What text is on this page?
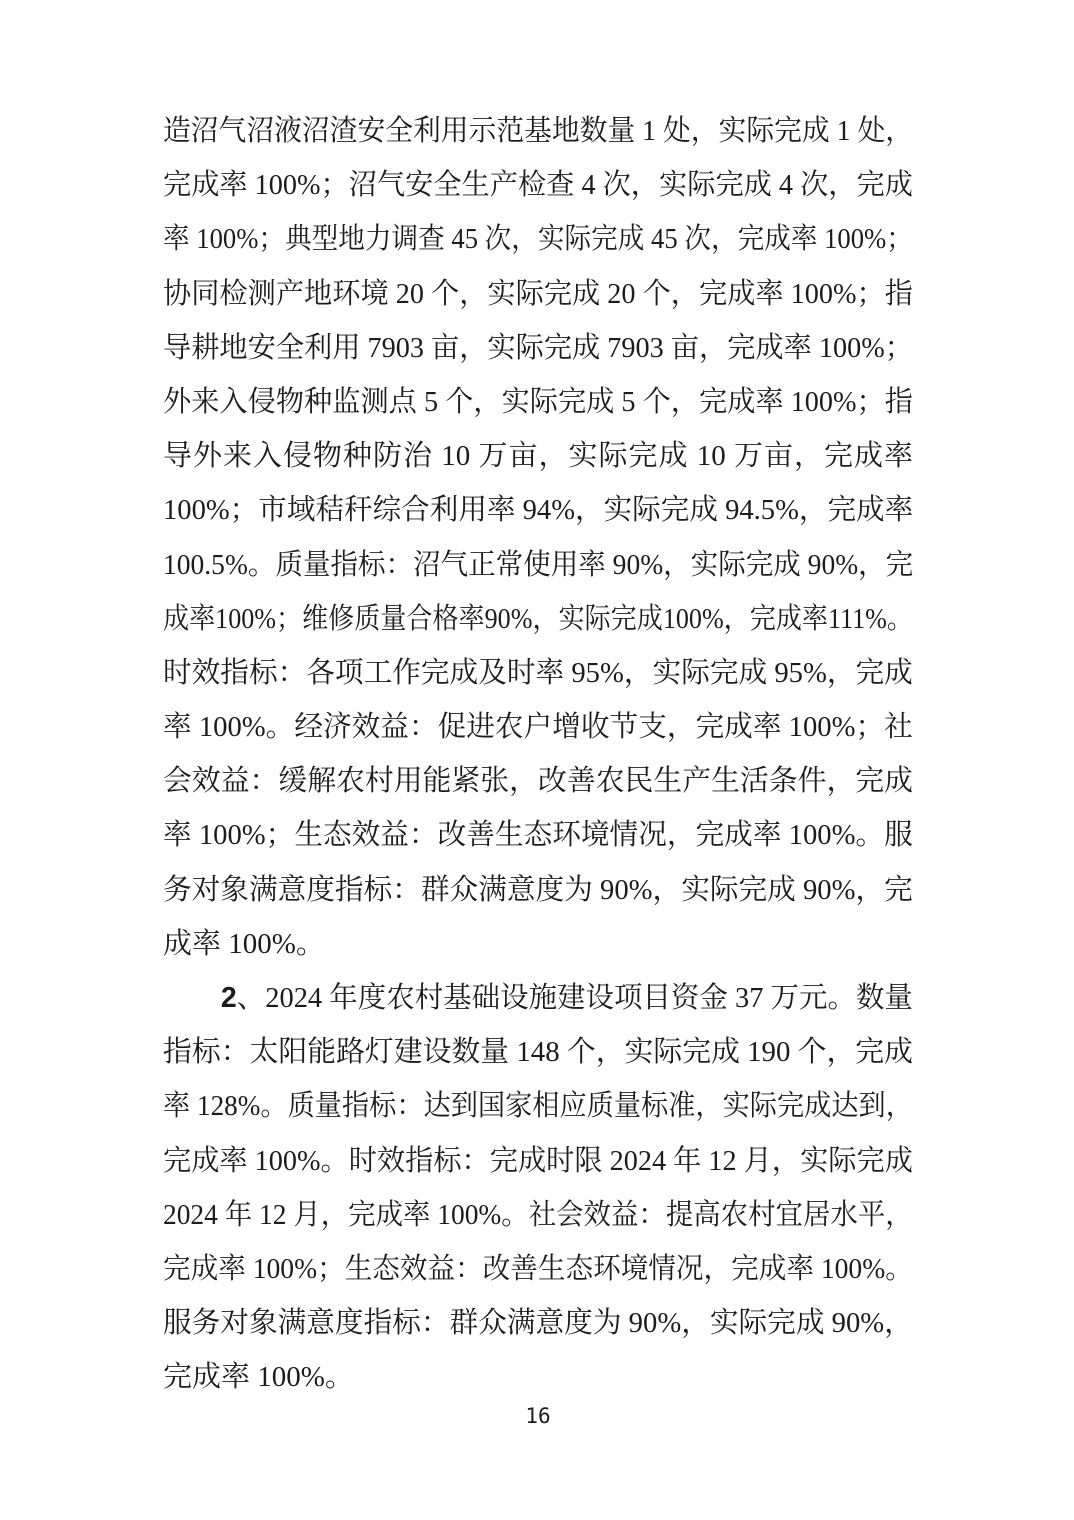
造沼气沼液沼渣安全利用示范基地数量 1 处，实际完成 1 处，
完成率 100%；沼气安全生产检查 4 次，实际完成 4 次，完成
率 100%；典型地力调查 45 次，实际完成 45 次，完成率 100%；
协同检测产地环境 20 个，实际完成 20 个，完成率 100%；指
导耕地安全利用 7903 亩，实际完成 7903 亩，完成率 100%；
外来入侵物种监测点 5 个，实际完成 5 个，完成率 100%；指
导外来入侵物种防治 10 万亩，实际完成 10 万亩，完成率
100%；市域秸秆综合利用率 94%，实际完成 94.5%，完成率
100.5%。质量指标：沼气正常使用率 90%，实际完成 90%，完
成率100%；维修质量合格率90%，实际完成100%，完成率111%。
时效指标：各项工作完成及时率 95%，实际完成 95%，完成
率 100%。经济效益：促进农户增收节支，完成率 100%；社
会效益：缓解农村用能紧张，改善农民生产生活条件，完成
率 100%；生态效益：改善生态环境情况，完成率 100%。服
务对象满意度指标：群众满意度为 90%，实际完成 90%，完
成率 100%。
2、2024 年度农村基础设施建设项目资金 37 万元。数量
指标：太阳能路灯建设数量 148 个，实际完成 190 个，完成
率 128%。质量指标：达到国家相应质量标准，实际完成达到，
完成率 100%。时效指标：完成时限 2024 年 12 月，实际完成
2024 年 12 月，完成率 100%。社会效益：提高农村宜居水平，
完成率 100%；生态效益：改善生态环境情况，完成率 100%。
服务对象满意度指标：群众满意度为 90%，实际完成 90%，
完成率 100%。
16
